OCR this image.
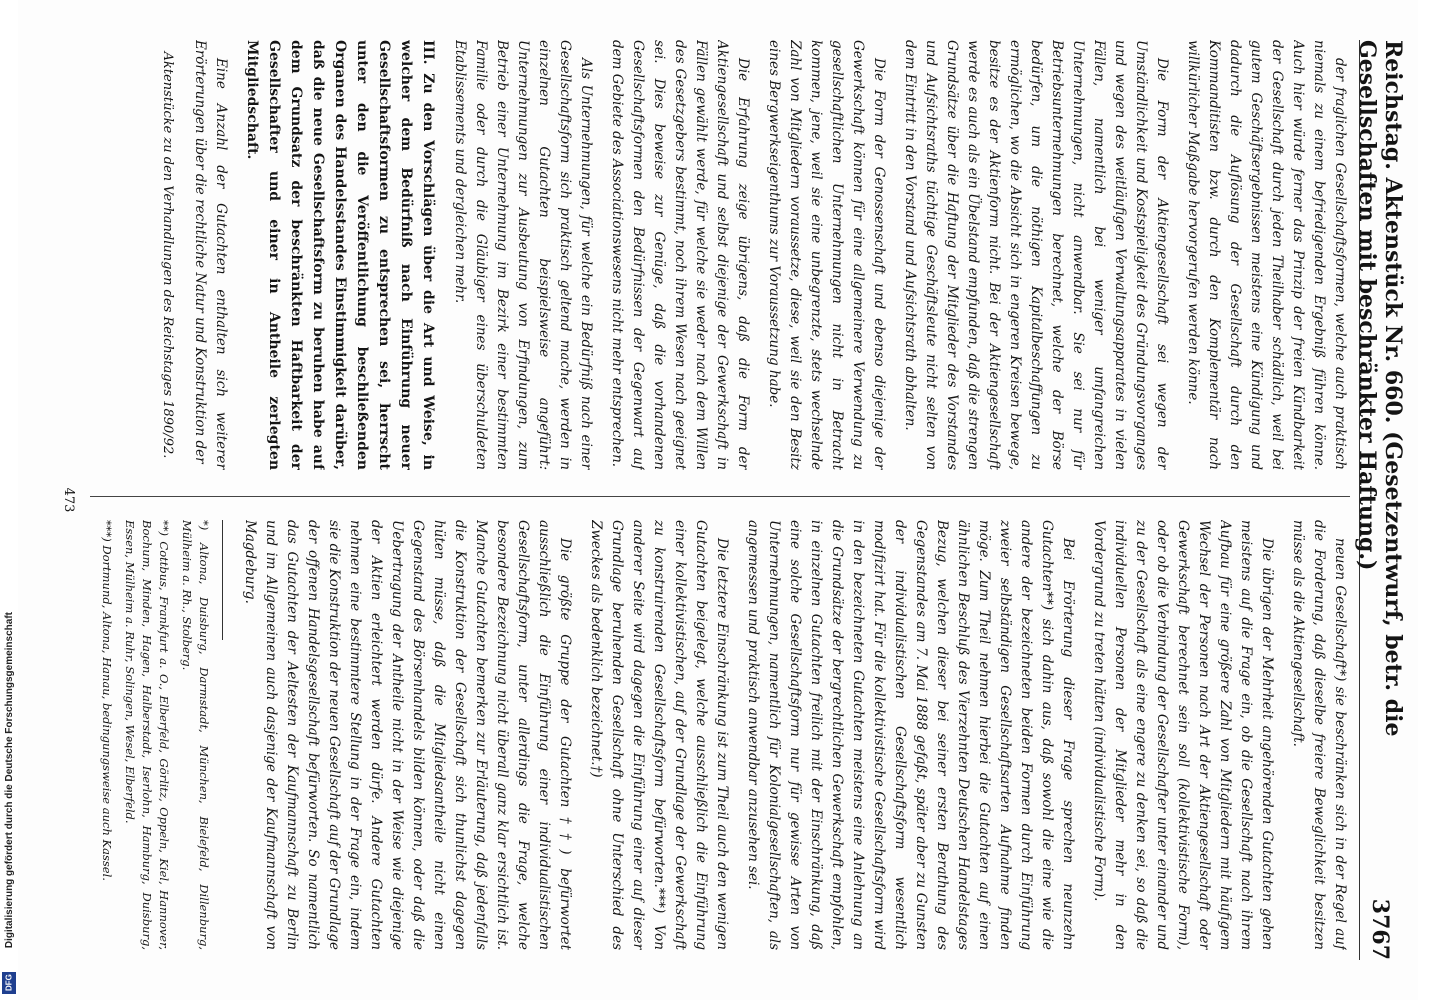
Reichstag. Aktenstück Nr. 660. (Gesetzentwurf, betr. die Gesellschaften mit beschränkter Haftung.)
3767

der fraglichen Gesellschaftsformen, welche auch praktisch niemals zu einem befriedigenden Ergebniß führen könne. Auch hier würde ferner das Prinzip der freien Kündbarkeit der Gesellschaft durch jeden Theilhaber schädlich, weil bei gutem Geschäftsergebnissen meistens eine Kündigung und dadurch die Auflösung der Gesellschaft durch den Kommanditisten bzw. durch den Komplementär nach willkürlicher Maßgabe hervorgerufen werden könne.

Die Form der Aktiengesellschaft sei wegen der Umständlichkeit und Kostspieligkeit des Gründungsvorganges und wegen des weitläufigen Verwaltungsapparates in vielen Fällen, namentlich bei weniger umfangreichen Unternehmungen, nicht anwendbar. Sie sei nur für Betriebsunternehmungen berechnet, welche der Börse bedürfen, um die nöthigen Kapitalbeschaffungen zu ermöglichen, wo die Absicht sich in engeren Kreisen bewege, besitze es der Aktienform nicht. Bei der Aktiengesellschaft werde es auch als ein Übelstand empfunden, daß die strengen Grundsätze über die Haftung der Mitglieder des Vorstandes und Aufsichtsraths tüchtige Geschäftsleute nicht selten von dem Eintritt in den Vorstand und Aufsichtsrath abhalten.

Die Form der Genossenschaft und ebenso diejenige der Gewerkschaft können für eine allgemeinere Verwendung zu gesellschaftlichen Unternehmungen nicht in Betracht kommen, jene, weil sie eine unbegrenzte, stets wechselnde Zahl von Mitgliedern voraussetze, diese, weil sie den Besitz eines Bergwerkseigenthums zur Voraussetzung habe.

Die Erfahrung zeige übrigens, daß die Form der Aktiengesellschaft und selbst diejenige der Gewerkschaft in Fällen gewählt werde, für welche sie weder nach dem Willen des Gesetzgebers bestimmt, noch ihrem Wesen nach geeignet sei. Dies beweise zur Genüge, daß die vorhandenen Gesellschaftsformen den Bedürfnissen der Gegenwart auf dem Gebiete des Associationswesens nicht mehr entsprechen.

Als Unternehmungen, für welche ein Bedürfniß nach einer Gesellschaftsform sich praktisch geltend mache, werden in einzelnen Gutachten beispielsweise angeführt: Unternehmungen zur Ausbeutung von Erfindungen, zum Betrieb einer Unternehmung im Bezirk einer bestimmten Familie oder durch die Gläubiger eines überschuldeten Etablissements und dergleichen mehr.

III. Zu den Vorschlägen über die Art und Weise, in welcher dem Bedürfniß nach Einführung neuer Gesellschaftsformen zu entsprechen sei, herrscht unter den die Veröffentlichung beschließenden Organen des Handelsstandes Einstimmigkeit darüber, daß die neue Gesellschaftsform zu beruhen habe auf dem Grundsatz der beschränkten Haftbarkeit der Gesellschafter und einer in Antheile zerlegten Mitgliedschaft.

Eine Anzahl der Gutachten enthalten sich weiterer Erörterungen über die rechtliche Natur und Konstruktion der

Aktenstücke zu den Verhandlungen des Reichstages 1890/92.

neuen Gesellschaft*) sie beschränken sich in der Regel auf die Forderung, daß dieselbe freiere Beweglichkeit besitzen müsse als die Aktiengesellschaft.

Die übrigen der Mehrheit angehörenden Gutachten gehen meistens auf die Frage ein, ob die Gesellschaft nach ihrem Aufbau für eine größere Zahl von Mitgliedern mit häufigem Wechsel der Personen nach Art der Aktiengesellschaft oder Gewerkschaft berechnet sein soll (kollektivistische Form), oder ob die Verbindung der Gesellschafter unter einander und zu der Gesellschaft als eine engere zu denken sei, so daß die individuellen Personen der Mitglieder mehr in den Vordergrund zu treten hätten (individualistische Form).

Bei Erörterung dieser Frage sprechen neunzehn Gutachten**) sich dahin aus, daß sowohl die eine wie die andere der bezeichneten beiden Formen durch Einführung zweier selbständigen Gesellschaftsarten Aufnahme finden möge. Zum Theil nehmen hierbei die Gutachten auf einen ähnlichen Beschluß des Vierzehnten Deutschen Handelstages Bezug, welchen dieser bei seiner ersten Berathung des Gegenstandes am 7. Mai 1888 gefaßt, später aber zu Gunsten der individualistischen Gesellschaftsform wesentlich modifizirt hat. Für die kollektivistische Gesellschaftsform wird in den bezeichneten Gutachten meistens eine Anlehnung an die Grundsätze der bergrechtlichen Gewerkschaft empfohlen, in einzelnen Gutachten freilich mit der Einschränkung, daß eine solche Gesellschaftsform nur für gewisse Arten von Unternehmungen, namentlich für Kolonialgesellschaften, als angemessen und praktisch anwendbar anzusehen sei.

Die letztere Einschränkung ist zum Theil auch den wenigen Gutachten beigelegt, welche ausschließlich die Einführung einer kollektivistischen, auf der Grundlage der Gewerkschaft zu konstruirenden Gesellschaftsform befürworten.***) Von anderer Seite wird dagegen die Einführung einer auf dieser Grundlage beruhenden Gesellschaft ohne Unterschied des Zweckes als bedenklich bezeichnet.†)

Die größte Gruppe der Gutachten††) befürwortet ausschließlich die Einführung einer individualistischen Gesellschaftsform, unter allerdings die Frage, welche besondere Bezeichnung nicht überall ganz klar ersichtlich ist. Manche Gutachten bemerken zur Erläuterung, daß jedenfalls die Konstruktion der Gesellschaft sich thunlichst dagegen hüten müsse, daß die Mitgliedsantheile nicht einen Gegenstand des Börsenhandels bilden können, oder daß die Uebertragung der Antheile nicht in der Weise wie diejenige der Aktien erleichtert werden dürfe. Andere Gutachten nehmen eine bestimmtere Stellung in der Frage ein, indem sie die Konstruktion der neuen Gesellschaft auf der Grundlage der offenen Handelsgesellschaft befürworten. So namentlich das Gutachten der Aeltesten der Kaufmannschaft zu Berlin und im Allgemeinen auch dasjenige der Kaufmannschaft von Magdeburg.

*) Altona, Duisburg, Darmstadt, München, Bielefeld, Dillenburg, Mülheim a. Rh., Stolberg.

**) Cottbus, Frankfurt a. O., Elberfeld, Görlitz, Oppeln, Kiel, Hannover, Bochum, Minden, Hagen, Halberstadt, Iserlohn, Hamburg, Duisburg, Essen, Mülheim a. Ruhr, Solingen, Wesel, Elberfeld.

***) Dortmund, Altona, Hanau, bedingungsweise auch Kassel.

473
Digitalisierung gefördert durch die Deutsche Forschungsgemeinschaft
DFG
